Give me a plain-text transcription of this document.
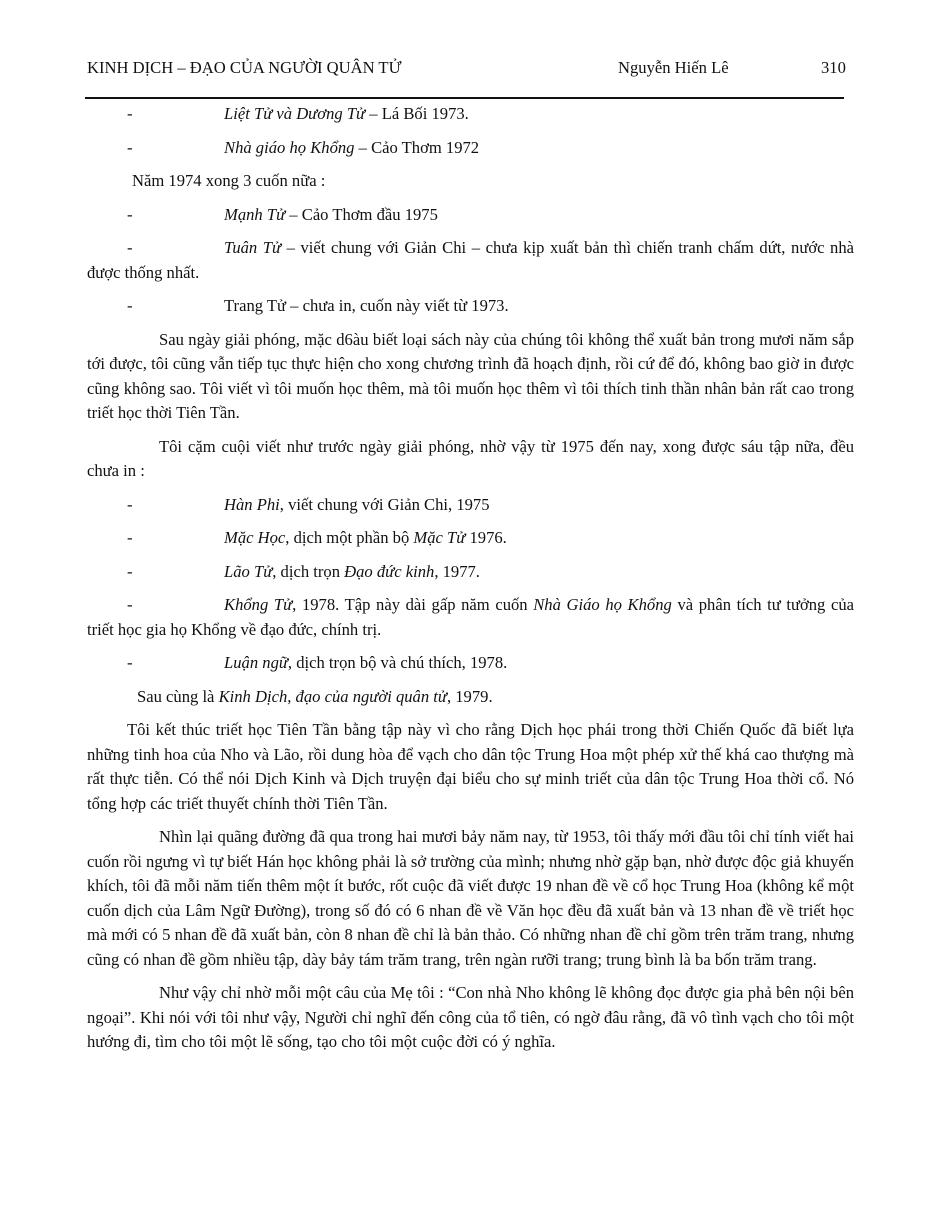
KINH DỊCH – ĐẠO CỦA NGƯỜI QUÂN TỬ	Nguyễn Hiến Lê	310

-	Liệt Tử và Dương Tử – Lá Bối 1973.

-	Nhà giáo họ Khổng – Cảo Thơm 1972

Năm 1974 xong 3 cuốn nữa :

-	Mạnh Tử – Cảo Thơm đầu 1975

-	Tuân Tử – viết chung với Giản Chi – chưa kịp xuất bản thì chiến tranh chấm dứt, nước nhà được thống nhất.

-	Trang Tử – chưa in, cuốn này viết từ 1973.

Sau ngày giải phóng, mặc d6àu biết loại sách này của chúng tôi không thể xuất bản trong mươi năm sắp tới được, tôi cũng vẫn tiếp tục thực hiện cho xong chương trình đã hoạch định, rồi cứ để đó, không bao giờ in được cũng không sao. Tôi viết vì tôi muốn học thêm, mà tôi muốn học thêm vì tôi thích tinh thần nhân bản rất cao trong triết học thời Tiên Tần.

Tôi cặm cuội viết như trước ngày giải phóng, nhờ vậy từ 1975 đến nay, xong được sáu tập nữa, đều chưa in :

-	Hàn Phi, viết chung với Giản Chi, 1975

-	Mặc Học, dịch một phần bộ Mặc Tử 1976.

-	Lão Tử, dịch trọn Đạo đức kinh, 1977.

-	Khổng Tử, 1978. Tập này dài gấp năm cuốn Nhà Giáo họ Khổng và phân tích tư tưởng của triết học gia họ Khổng về đạo đức, chính trị.

-	Luận ngữ, dịch trọn bộ và chú thích, 1978.

Sau cùng là Kinh Dịch, đạo của người quân tử, 1979.

Tôi kết thúc triết học Tiên Tần bằng tập này vì cho rằng Dịch học phái trong thời Chiến Quốc đã biết lựa những tinh hoa của Nho và Lão, rồi dung hòa để vạch cho dân tộc Trung Hoa một phép xử thế khá cao thượng mà rất thực tiễn. Có thể nói Dịch Kinh và Dịch truyện đại biểu cho sự minh triết của dân tộc Trung Hoa thời cổ. Nó tổng hợp các triết thuyết chính thời Tiên Tần.

Nhìn lại quãng đường đã qua trong hai mươi bảy năm nay, từ 1953, tôi thấy mới đầu tôi chỉ tính viết hai cuốn rồi ngưng vì tự biết Hán học không phải là sở trường của mình; nhưng nhờ gặp bạn, nhờ được độc giả khuyến khích, tôi đã mỗi năm tiến thêm một ít bước, rốt cuộc đã viết được 19 nhan đề về cổ học Trung Hoa (không kể một cuốn dịch của Lâm Ngữ Đường), trong số đó có 6 nhan đề về Văn học đều đã xuất bản và 13 nhan đề về triết học mà mới có 5 nhan đề đã xuất bản, còn 8 nhan đề chỉ là bản thảo. Có những nhan đề chỉ gồm trên trăm trang, nhưng cũng có nhan đề gồm nhiều tập, dày bảy tám trăm trang, trên ngàn rưỡi trang; trung bình là ba bốn trăm trang.

Như vậy chỉ nhờ mỗi một câu của Mẹ tôi : “Con nhà Nho không lẽ không đọc được gia phả bên nội bên ngoại”. Khi nói với tôi như vậy, Người chỉ nghĩ đến công của tổ tiên, có ngờ đâu rằng, đã vô tình vạch cho tôi một hướng đi, tìm cho tôi một lẽ sống, tạo cho tôi một cuộc đời có ý nghĩa.
